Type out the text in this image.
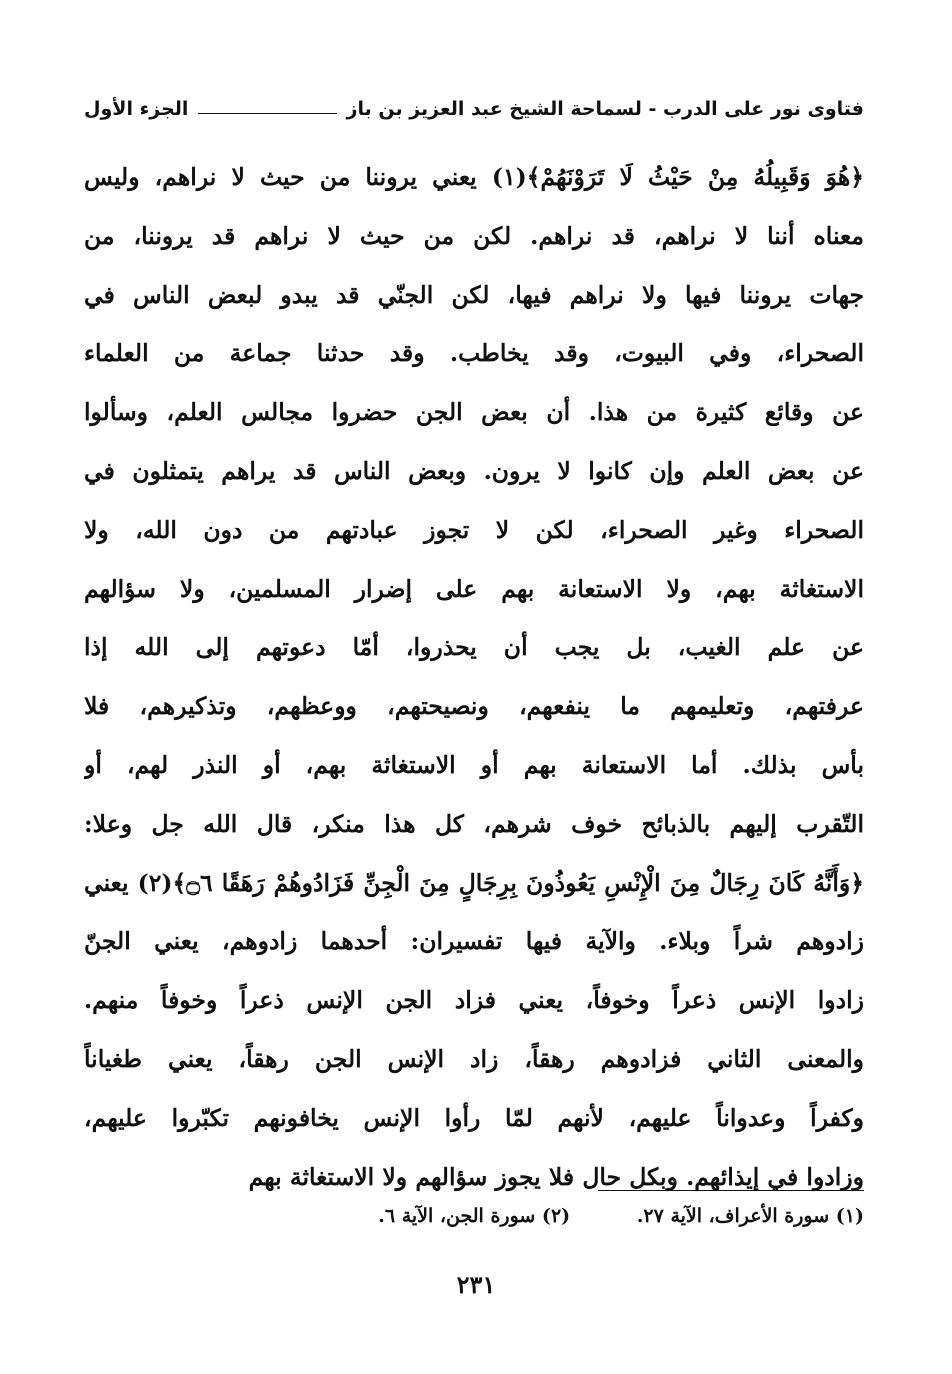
فتاوى نور على الدرب - لسماحة الشيخ عبد العزيز بن باز
الجزء الأول
﴿هُوَ وَقَبِيلُهُ مِنْ حَيْثُ لَا تَرَوْنَهُمْ﴾(١) يعني يروننا من حيث لا نراهم، وليس
معناه أننا لا نراهم، قد نراهم. لكن من حيث لا نراهم قد يروننا، من
جهات يروننا فيها ولا نراهم فيها، لكن الجنّي قد يبدو لبعض الناس في
الصحراء، وفي البيوت، وقد يخاطب. وقد حدثنا جماعة من العلماء
عن وقائع كثيرة من هذا. أن بعض الجن حضروا مجالس العلم، وسألوا
عن بعض العلم وإن كانوا لا يرون. وبعض الناس قد يراهم يتمثلون في
الصحراء وغير الصحراء، لكن لا تجوز عبادتهم من دون الله، ولا
الاستغاثة بهم، ولا الاستعانة بهم على إضرار المسلمين، ولا سؤالهم
عن علم الغيب، بل يجب أن يحذروا، أمّا دعوتهم إلى الله إذا
عرفتهم، وتعليمهم ما ينفعهم، ونصيحتهم، ووعظهم، وتذكيرهم، فلا
بأس بذلك. أما الاستعانة بهم أو الاستغاثة بهم، أو النذر لهم، أو
التّقرب إليهم بالذبائح خوف شرهم، كل هذا منكر، قال الله جل وعلا:
﴿وَأَنَّهُ كَانَ رِجَالٌ مِنَ الْإِنْسِ يَعُوذُونَ بِرِجَالٍ مِنَ الْجِنِّ فَزَادُوهُمْ رَهَقًا ۝٦﴾(٢) يعني
زادوهم شراً وبلاء. والآية فيها تفسيران: أحدهما زادوهم، يعني الجنّ
زادوا الإنس ذعراً وخوفاً، يعني فزاد الجن الإنس ذعراً وخوفاً منهم.
والمعنى الثاني فزادوهم رهقاً، زاد الإنس الجن رهقاً، يعني طغياناً
وكفراً وعدواناً عليهم، لأنهم لمّا رأوا الإنس يخافونهم تكبّروا عليهم،
وزادوا في إيذائهم. وبكل حال فلا يجوز سؤالهم ولا الاستغاثة بهم
(١) سورة الأعراف، الآية ٢٧. (٢) سورة الجن، الآية ٦.
٢٣١
